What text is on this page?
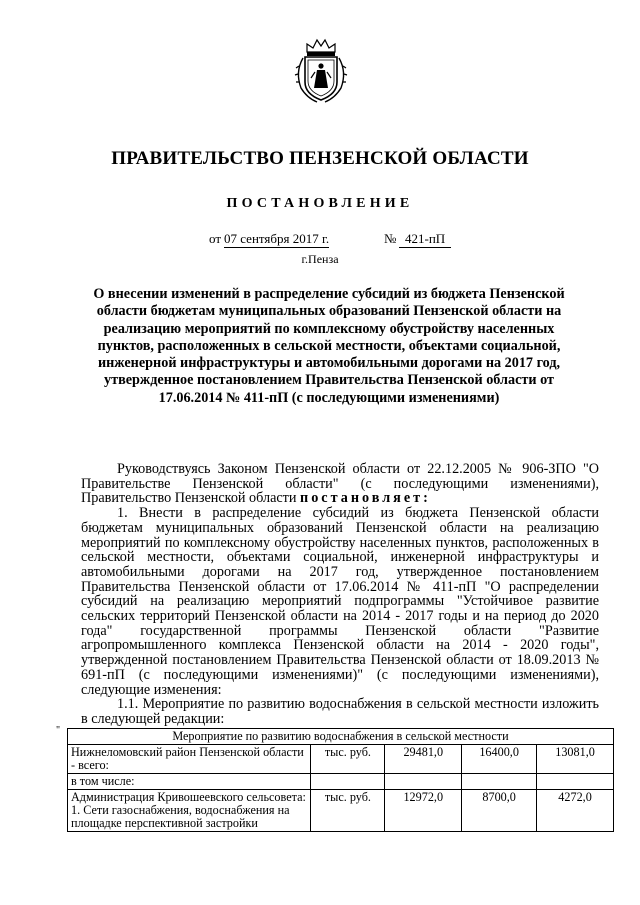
ПРАВИТЕЛЬСТВО ПЕНЗЕНСКОЙ ОБЛАСТИ
ПОСТАНОВЛЕНИЕ
от 07 сентября 2017 г.	№ 421-пП
г.Пенза
О внесении изменений в распределение субсидий из бюджета Пензенской области бюджетам муниципальных образований Пензенской области на реализацию мероприятий по комплексному обустройству населенных пунктов, расположенных в сельской местности, объектами социальной, инженерной инфраструктуры и автомобильными дорогами на 2017 год, утвержденное постановлением Правительства Пензенской области от 17.06.2014 № 411-пП (с последующими изменениями)

Руководствуясь Законом Пензенской области от 22.12.2005 № 906-ЗПО "О Правительстве Пензенской области" (с последующими изменениями), Правительство Пензенской области постановляет:

1. Внести в распределение субсидий из бюджета Пензенской области бюджетам муниципальных образований Пензенской области на реализацию мероприятий по комплексному обустройству населенных пунктов, расположенных в сельской местности, объектами социальной, инженерной инфраструктуры и автомобильными дорогами на 2017 год, утвержденное постановлением Правительства Пензенской области от 17.06.2014 № 411-пП "О распределении субсидий на реализацию мероприятий подпрограммы "Устойчивое развитие сельских территорий Пензенской области на 2014 - 2017 годы и на период до 2020 года" государственной программы Пензенской области "Развитие агропромышленного комплекса Пензенской области на 2014 - 2020 годы", утвержденной постановлением Правительства Пензенской области от 18.09.2013 № 691-пП (с последующими изменениями)" (с последующими изменениями), следующие изменения:

1.1. Мероприятие по развитию водоснабжения в сельской местности изложить в следующей редакции:

"	Мероприятие по развитию водоснабжения в сельской местности				
Нижнеломовский район Пензенской области - всего:	тыс. руб.	29481,0	16400,0	13081,0
в том числе:				
Администрация Кривошеевского сельсовета:
1. Сети газоснабжения, водоснабжения на площадке перспективной застройки	тыс. руб.	12972,0	8700,0	4272,0
